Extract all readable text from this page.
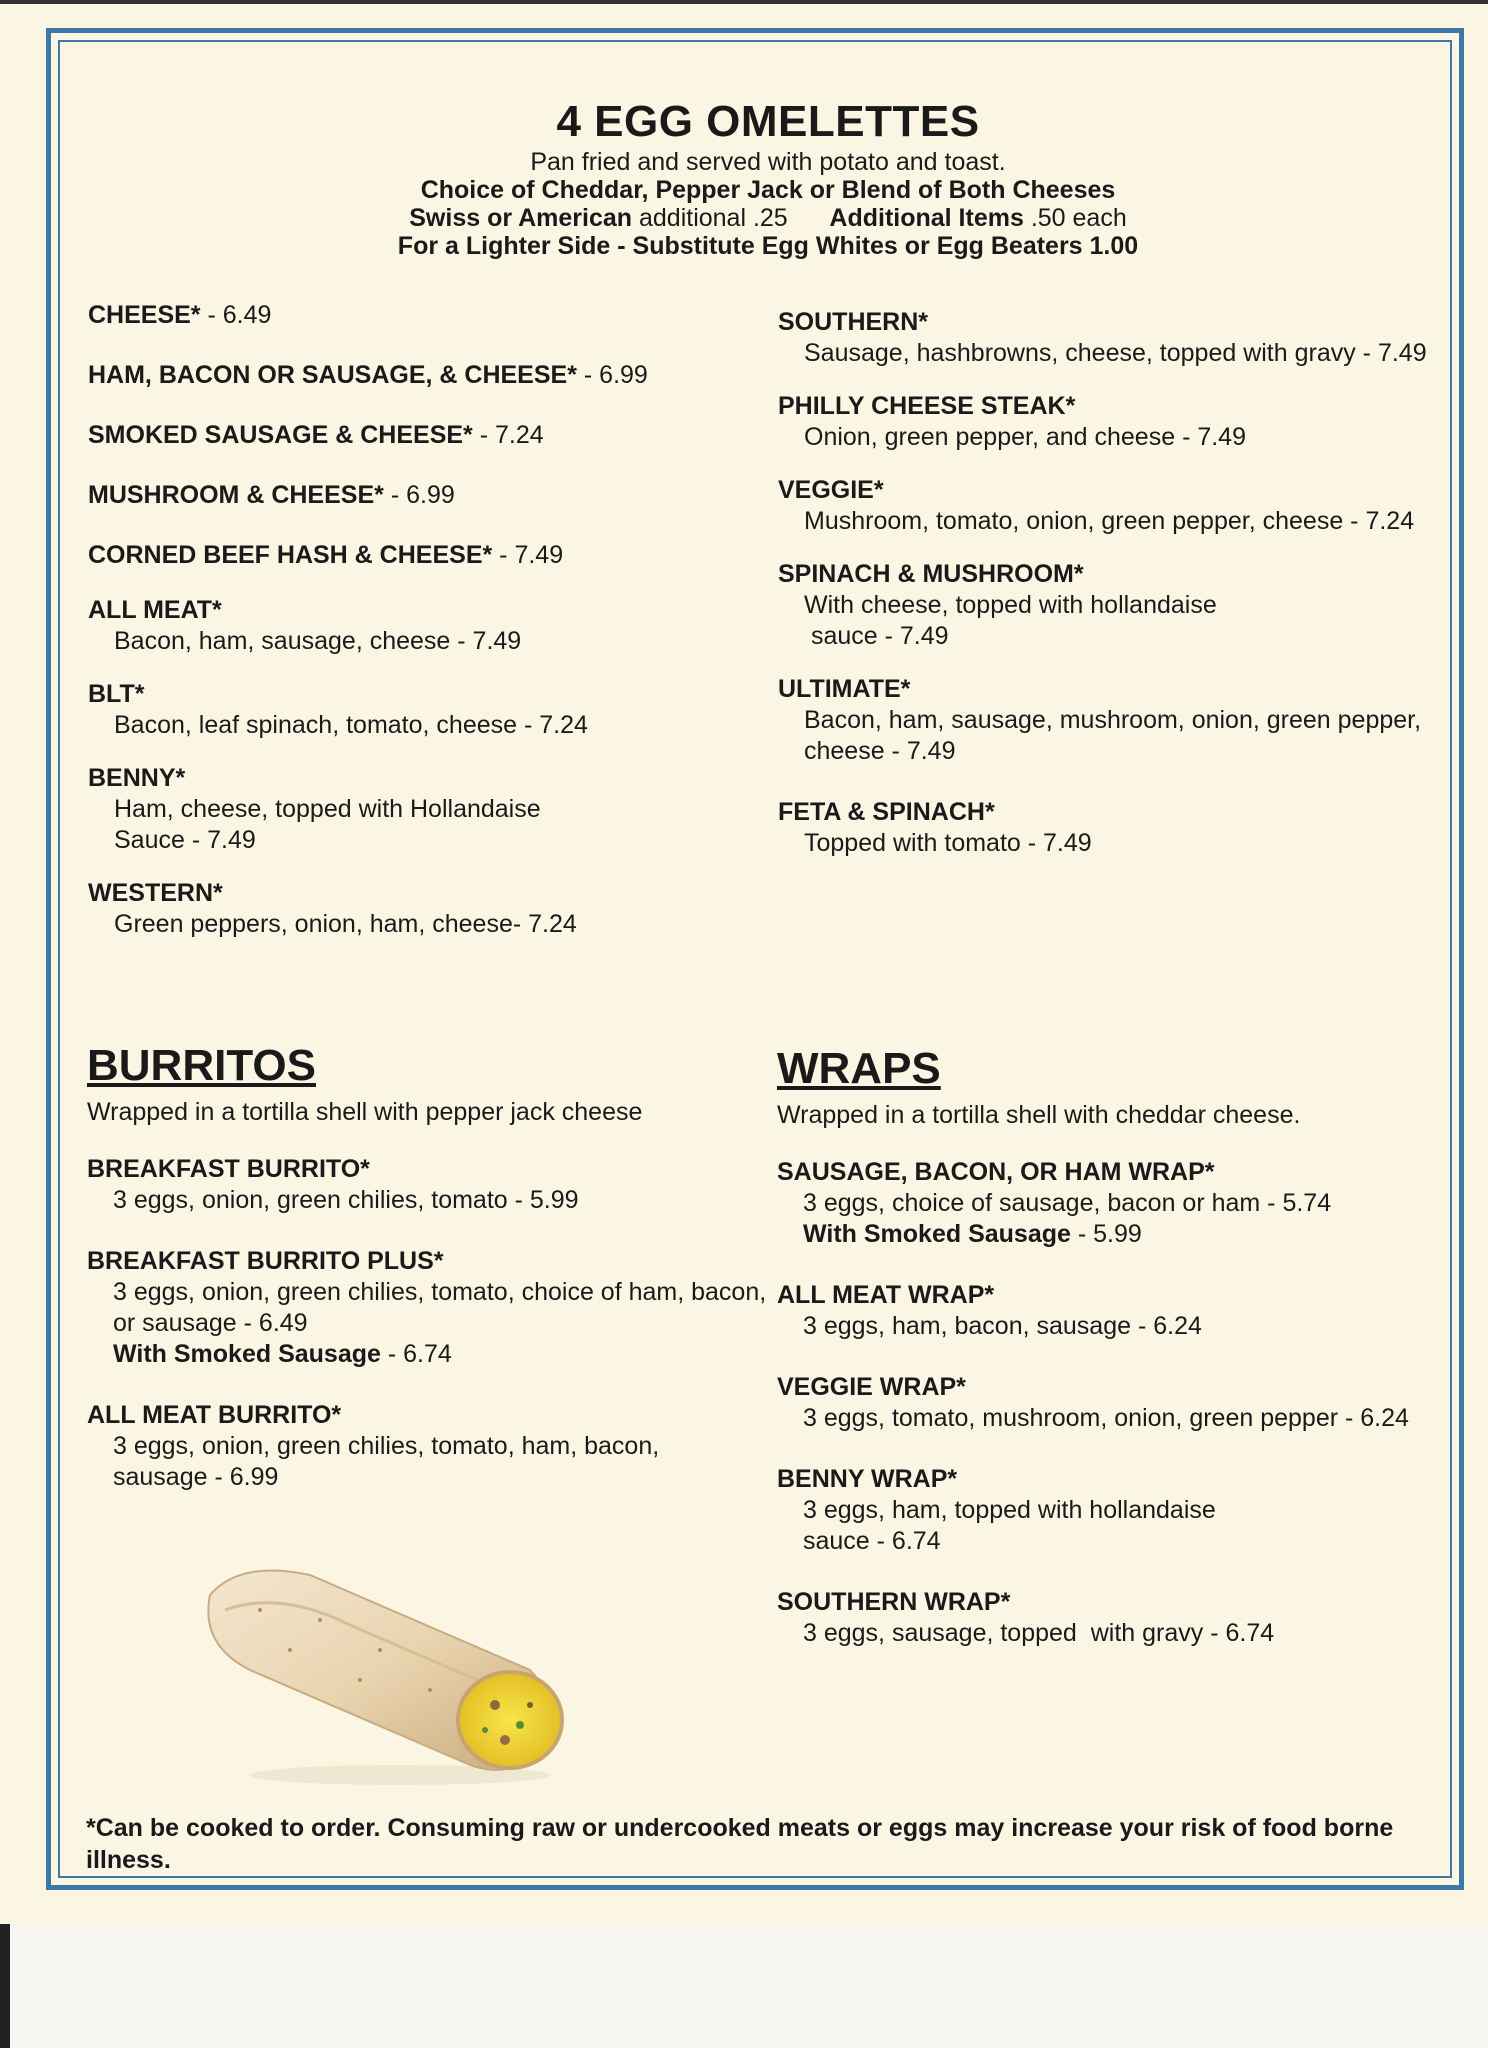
4 EGG OMELETTES

Pan fried and served with potato and toast.

Choice of Cheddar, Pepper Jack or Blend of Both Cheeses

Swiss or American additional .25 Additional Items .50 each

For a Lighter Side - Substitute Egg Whites or Egg Beaters 1.00

CHEESE* - 6.49
HAM, BACON OR SAUSAGE, & CHEESE* - 6.99
SMOKED SAUSAGE & CHEESE* - 7.24
MUSHROOM & CHEESE* - 6.99
CORNED BEEF HASH & CHEESE* - 7.49
ALL MEAT*
Bacon, ham, sausage, cheese - 7.49
BLT*
Bacon, leaf spinach, tomato, cheese - 7.24
BENNY*
Ham, cheese, topped with Hollandaise
Sauce - 7.49
WESTERN*
Green peppers, onion, ham, cheese- 7.24
SOUTHERN*
Sausage, hashbrowns, cheese, topped with gravy - 7.49
PHILLY CHEESE STEAK*
Onion, green pepper, and cheese - 7.49
VEGGIE*
Mushroom, tomato, onion, green pepper, cheese - 7.24
SPINACH & MUSHROOM*
With cheese, topped with hollandaise
sauce - 7.49
ULTIMATE*
Bacon, ham, sausage, mushroom, onion, green pepper,
cheese - 7.49
FETA & SPINACH*
Topped with tomato - 7.49
BURRITOS

Wrapped in a tortilla shell with pepper jack cheese

BREAKFAST BURRITO*
3 eggs, onion, green chilies, tomato - 5.99
BREAKFAST BURRITO PLUS*
3 eggs, onion, green chilies, tomato, choice of ham, bacon,
or sausage - 6.49
With Smoked Sausage - 6.74
ALL MEAT BURRITO*
3 eggs, onion, green chilies, tomato, ham, bacon,
sausage - 6.99
WRAPS

Wrapped in a tortilla shell with cheddar cheese.

SAUSAGE, BACON, OR HAM WRAP*
3 eggs, choice of sausage, bacon or ham - 5.74
With Smoked Sausage - 5.99
ALL MEAT WRAP*
3 eggs, ham, bacon, sausage - 6.24
VEGGIE WRAP*
3 eggs, tomato, mushroom, onion, green pepper - 6.24
BENNY WRAP*
3 eggs, ham, topped with hollandaise
sauce - 6.74
SOUTHERN WRAP*
3 eggs, sausage, topped  with gravy - 6.74
*Can be cooked to order. Consuming raw or undercooked meats or eggs may increase your risk of food borne illness.
